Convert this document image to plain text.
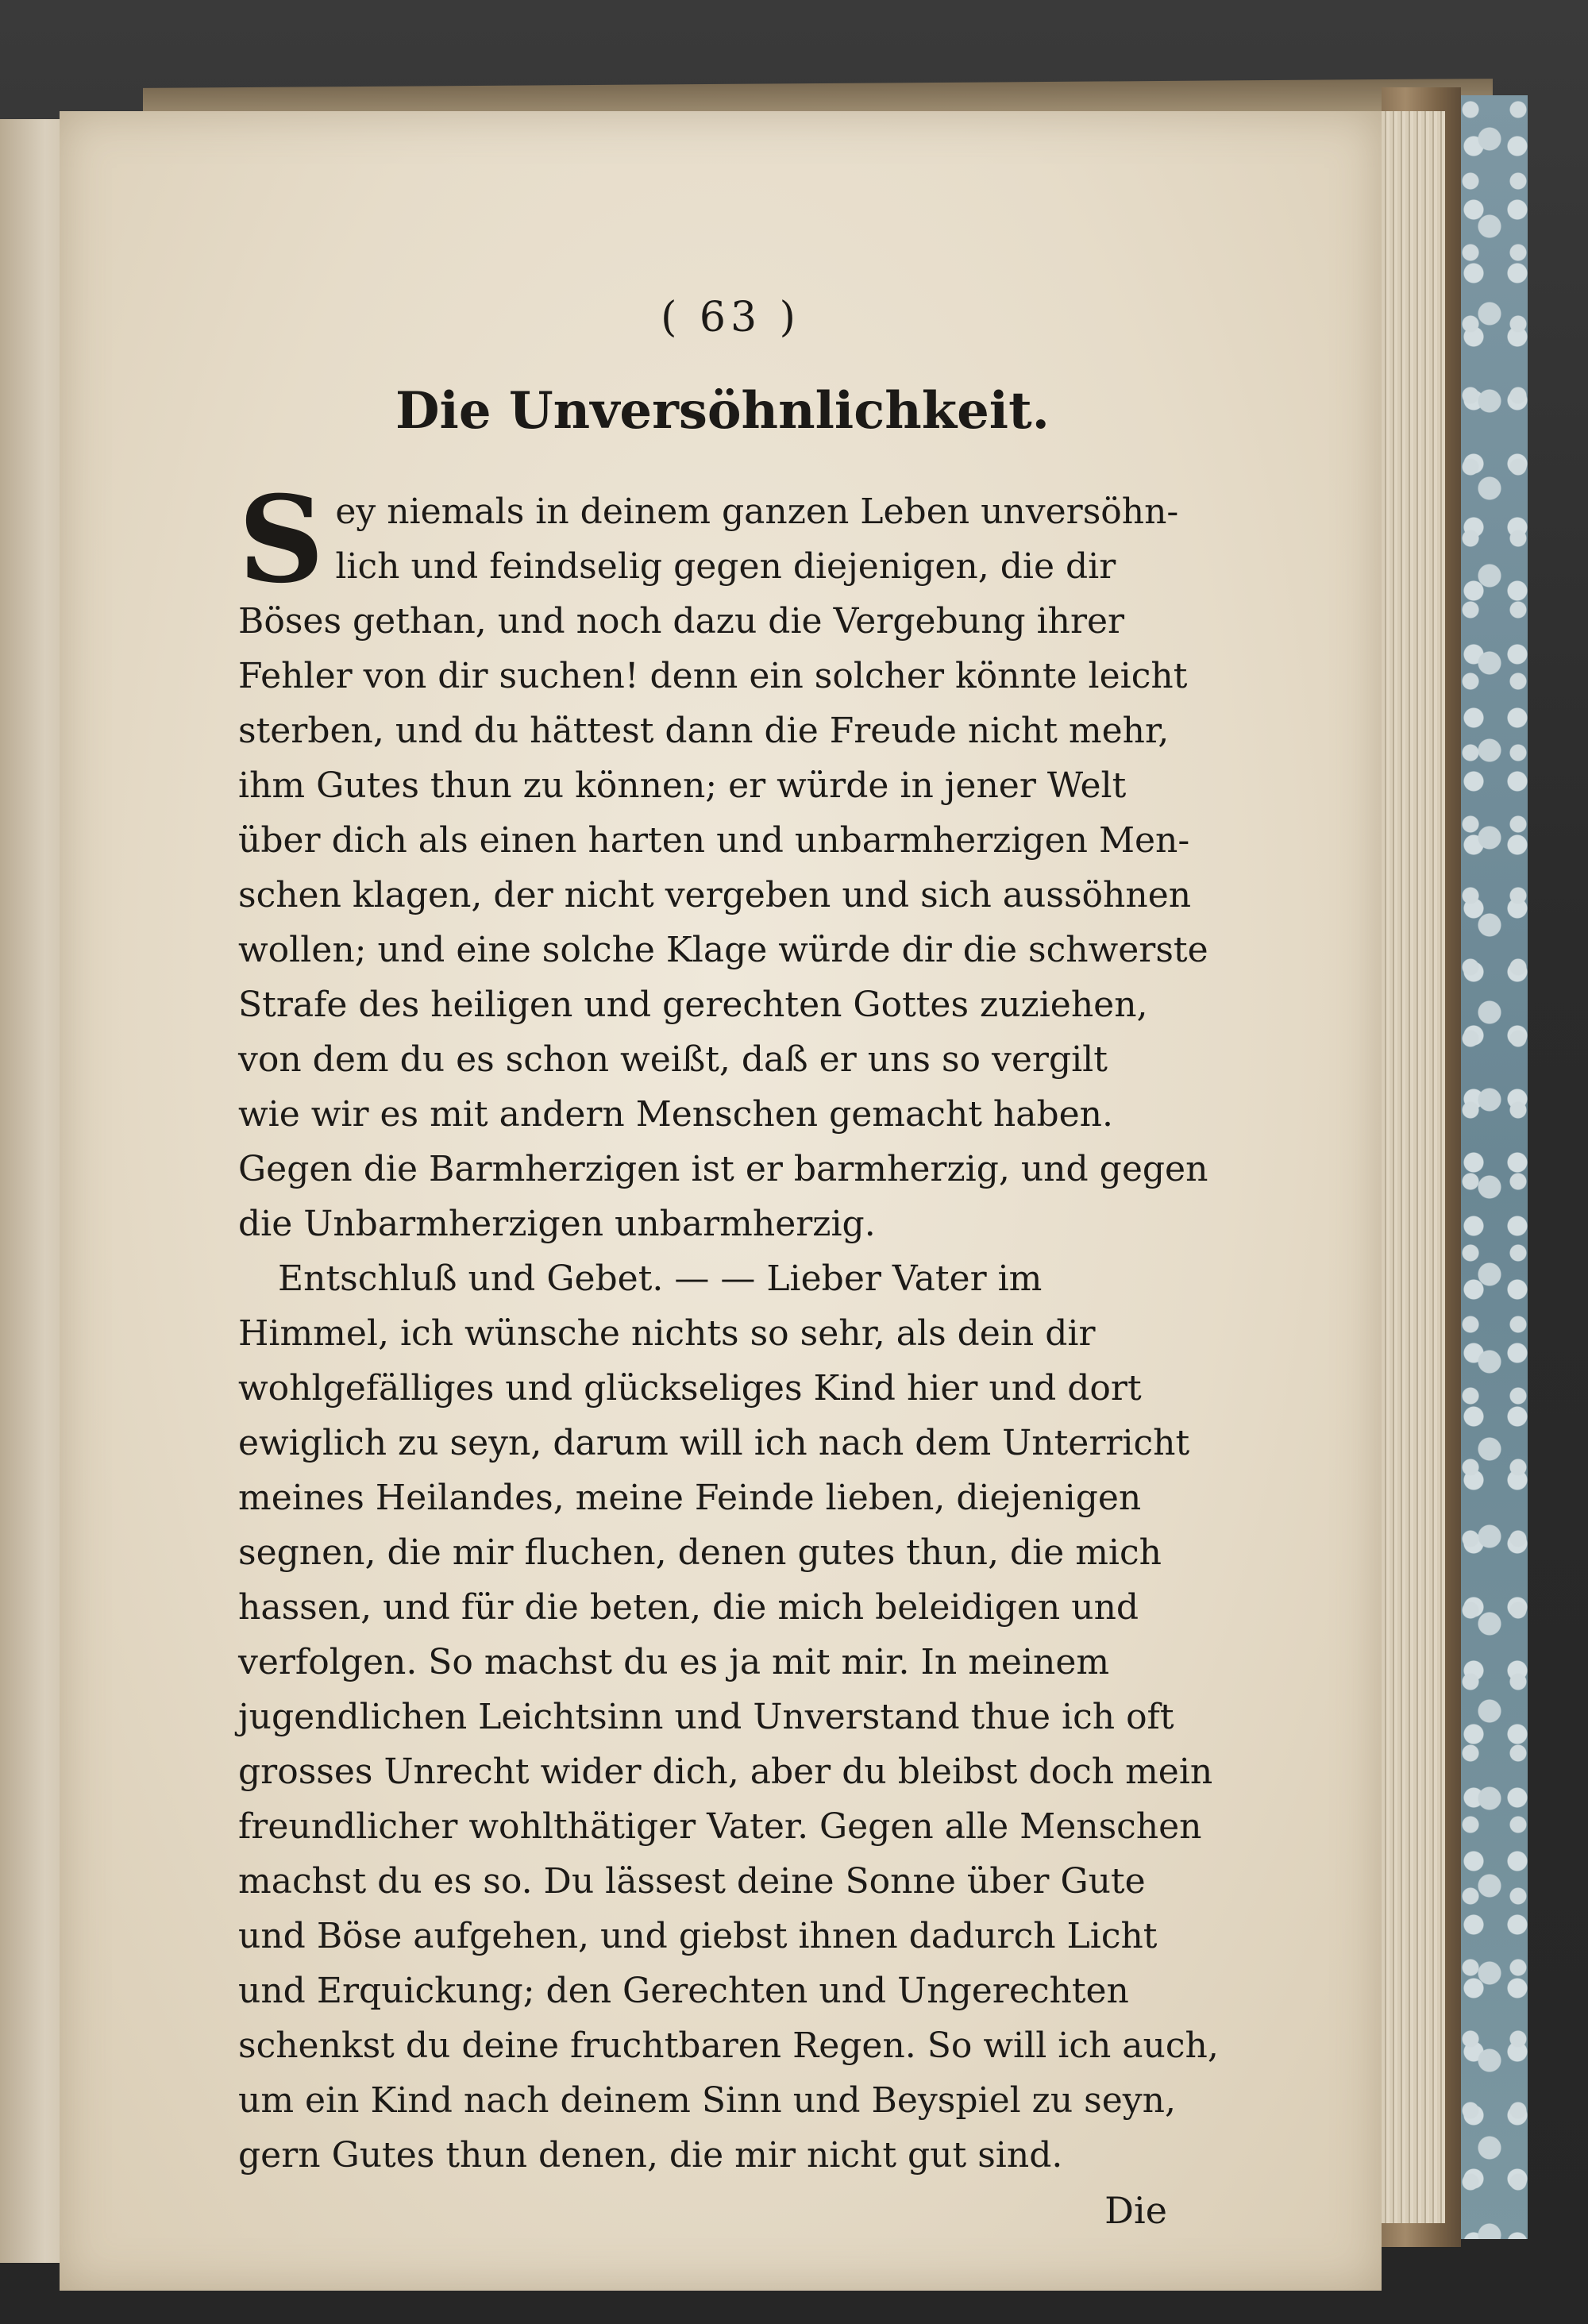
( 63 )
Die Unversöhnlichkeit.
S ey niemals in deinem ganzen Leben unversöhn-
lich und feindselig gegen diejenigen, die dir
Böses gethan, und noch dazu die Vergebung ihrer
Fehler von dir suchen! denn ein solcher könnte leicht
sterben, und du hättest dann die Freude nicht mehr,
ihm Gutes thun zu können; er würde in jener Welt
über dich als einen harten und unbarmherzigen Men-
schen klagen, der nicht vergeben und sich aussöhnen
wollen; und eine solche Klage würde dir die schwerste
Strafe des heiligen und gerechten Gottes zuziehen,
von dem du es schon weißt, daß er uns so vergilt
wie wir es mit andern Menschen gemacht haben.
Gegen die Barmherzigen ist er barmherzig, und gegen
die Unbarmherzigen unbarmherzig.
Entschluß und Gebet. — — Lieber Vater im
Himmel, ich wünsche nichts so sehr, als dein dir
wohlgefälliges und glückseliges Kind hier und dort
ewiglich zu seyn, darum will ich nach dem Unterricht
meines Heilandes, meine Feinde lieben, diejenigen
segnen, die mir fluchen, denen gutes thun, die mich
hassen, und für die beten, die mich beleidigen und
verfolgen. So machst du es ja mit mir. In meinem
jugendlichen Leichtsinn und Unverstand thue ich oft
grosses Unrecht wider dich, aber du bleibst doch mein
freundlicher wohlthätiger Vater. Gegen alle Menschen
machst du es so. Du lässest deine Sonne über Gute
und Böse aufgehen, und giebst ihnen dadurch Licht
und Erquickung; den Gerechten und Ungerechten
schenkst du deine fruchtbaren Regen. So will ich auch,
um ein Kind nach deinem Sinn und Beyspiel zu seyn,
gern Gutes thun denen, die mir nicht gut sind.
Die
